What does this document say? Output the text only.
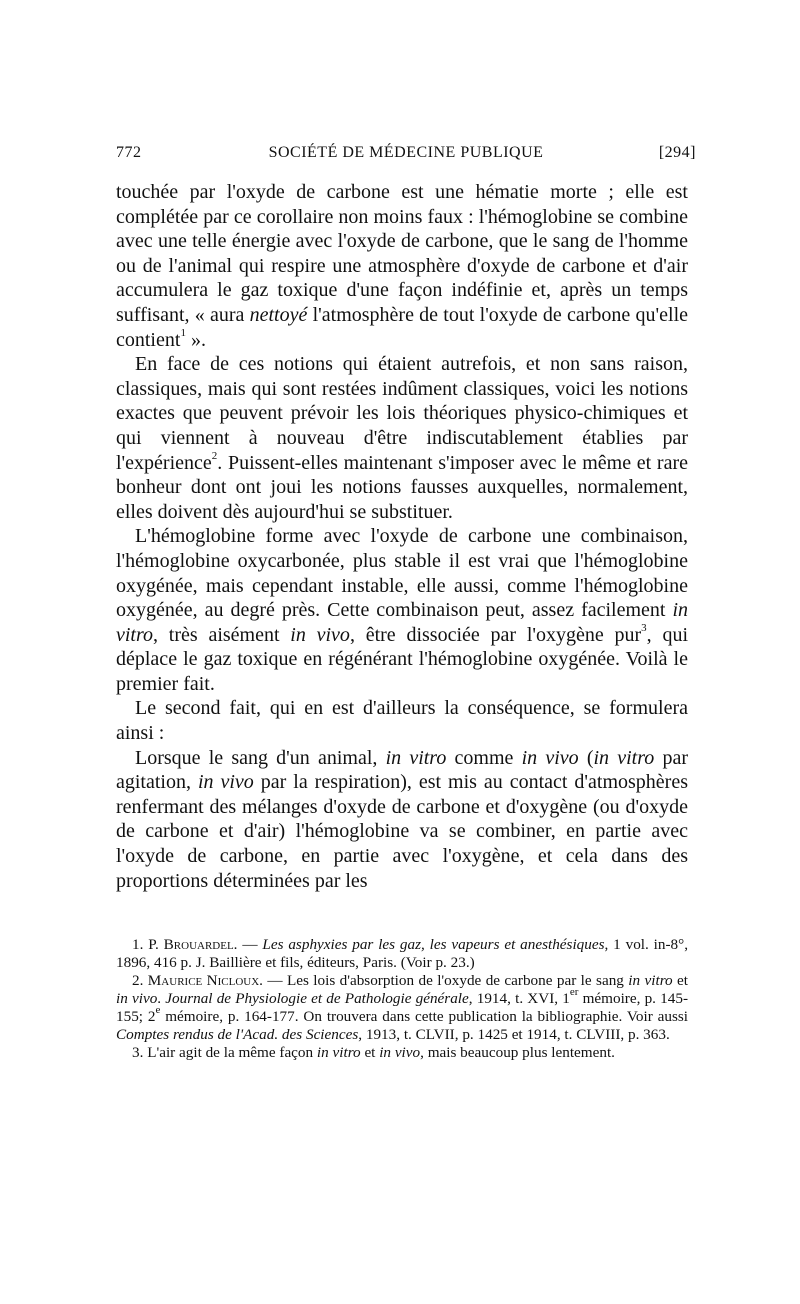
772	SOCIÉTÉ DE MÉDECINE PUBLIQUE	[294]

touchée par l'oxyde de carbone est une hématie morte ; elle est complétée par ce corollaire non moins faux : l'hémoglobine se combine avec une telle énergie avec l'oxyde de carbone, que le sang de l'homme ou de l'animal qui respire une atmosphère d'oxyde de carbone et d'air accumulera le gaz toxique d'une façon indéfinie et, après un temps suffisant, « aura nettoyé l'atmosphère de tout l'oxyde de carbone qu'elle contient$^1$ ».

En face de ces notions qui étaient autrefois, et non sans raison, classiques, mais qui sont restées indûment classiques, voici les notions exactes que peuvent prévoir les lois théoriques physico-chimiques et qui viennent à nouveau d'être indiscutablement établies par l'expérience$^2$. Puissent-elles maintenant s'imposer avec le même et rare bonheur dont ont joui les notions fausses auxquelles, normalement, elles doivent dès aujourd'hui se substituer.

L'hémoglobine forme avec l'oxyde de carbone une combinaison, l'hémoglobine oxycarbonée, plus stable il est vrai que l'hémoglobine oxygénée, mais cependant instable, elle aussi, comme l'hémoglobine oxygénée, au degré près. Cette combinaison peut, assez facilement in vitro, très aisément in vivo, être dissociée par l'oxygène pur$^3$, qui déplace le gaz toxique en régénérant l'hémoglobine oxygénée. Voilà le premier fait.

Le second fait, qui en est d'ailleurs la conséquence, se formulera ainsi :

Lorsque le sang d'un animal, in vitro comme in vivo (in vitro par agitation, in vivo par la respiration), est mis au contact d'atmosphères renfermant des mélanges d'oxyde de carbone et d'oxygène (ou d'oxyde de carbone et d'air) l'hémoglobine va se combiner, en partie avec l'oxyde de carbone, en partie avec l'oxygène, et cela dans des proportions déterminées par les

1. P. Brouardel. — Les asphyxies par les gaz, les vapeurs et anesthésiques, 1 vol. in-8°, 1896, 416 p. J. Baillière et fils, éditeurs, Paris. (Voir p. 23.)

2. Maurice Nicloux. — Les lois d'absorption de l'oxyde de carbone par le sang in vitro et in vivo. Journal de Physiologie et de Pathologie générale, 1914, t. XVI, 1er mémoire, p. 145-155; 2e mémoire, p. 164-177. On trouvera dans cette publication la bibliographie. Voir aussi Comptes rendus de l'Acad. des Sciences, 1913, t. CLVII, p. 1425 et 1914, t. CLVIII, p. 363.

3. L'air agit de la même façon in vitro et in vivo, mais beaucoup plus lentement.
